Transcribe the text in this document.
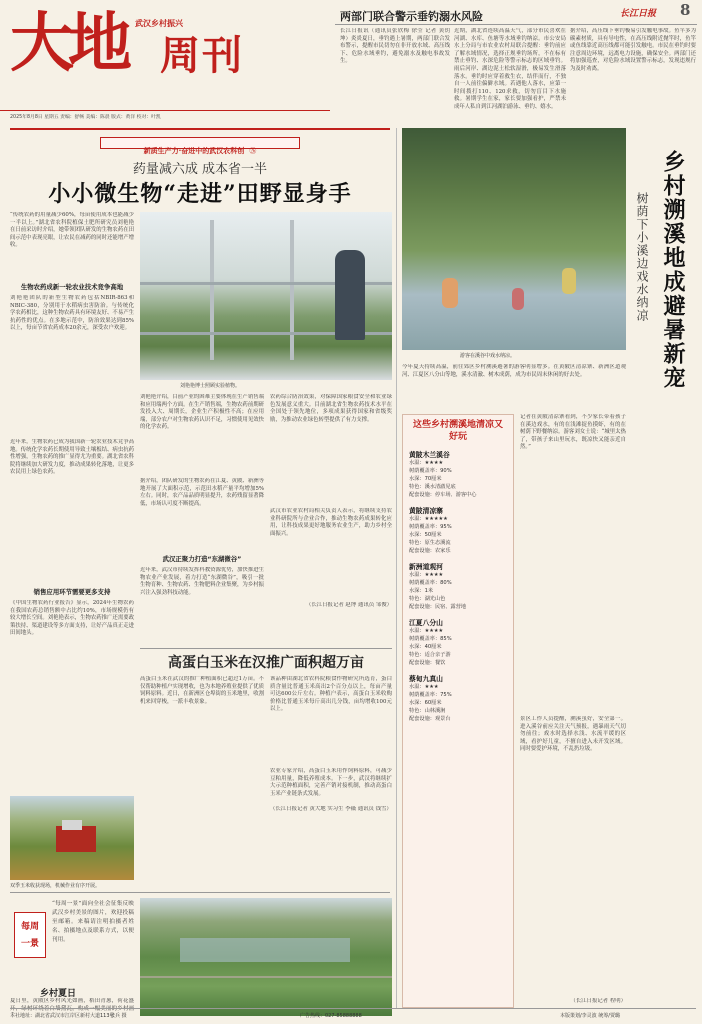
大地 周刊
武汉乡村振兴
2025年8月8日 星期五 责编：舒畅 美编：陈晨 版式：黄洋 校对：叶凯
长江日报 8
两部门联合警示垂钓溺水风险
长江日报讯（通讯员张欣梅 徐莹 记者 黄钥坤）炎炎夏日，垂钓遇上暑期，两部门联合发布警示，提醒市民切勿在非开放水域、高压线下、危险水域垂钓，避免溺水及触电事故发生。
近期，湖北省连续高温天气，部分市民喜欢在河湖、水库、鱼塘等水域垂钓纳凉。市公安局水上分局与市农业农村局联合提醒：垂钓前应了解水域情况，选择正规垂钓场所，不在标有禁止垂钓、水深危险等警示标志的区域垂钓。雨后河岸、湖边泥土松软湿滑，极易发生滑落落水。垂钓时应穿着救生衣，结伴而行，不独自一人前往偏僻水域。若遇他人落水，应第一时间拨打110、120求救，切勿盲目下水施救。暑期学生在家，家长要加强看护，严禁未成年人私自到江河湖泊游泳、垂钓、嬉水。
据介绍，高压线下垂钓极易引发触电事故。鱼竿多为碳素材质，具有导电性，在高压线附近抛竿时，鱼竿或鱼线靠近高压线都可能引发触电。市民在垂钓时要注意周边环境，远离电力设施，确保安全。两部门还将加强巡查，对危险水域设置警示标志，发现违规行为及时劝离。
新质生产力·奋进中的武汉农科创 ㉖
药量减六成 成本省一半
小小微生物“走进”田野显身手
“传统农药的用量减少60%，每亩使用成本也能减少一半以上。”湖北省农科院植保土肥所研究员刘艳艳在日前采访时介绍，她带领团队研发的生物农药在田间示范中表现亮眼，让农民在减药的同时还能增产增收。
生物农药成新一轮农业技术竞争高地
刘艳艳团队的新型生物农药包括NBIR-863和NBIC-380，分别用于水稻病虫害防治。与传统化学农药相比，这种生物农药具有环境友好、不易产生抗药性的优点。在多地示范中，防治效果达到85%以上，每亩节省农药成本20余元，深受农户欢迎。
近年来，生物农药已成为我国新一轮农业技术竞争高地。传统化学农药长期使用导致土壤板结、病虫抗药性增强，生物农药的推广显得尤为重要。湖北省农科院将继续加大研发力度，推动成果转化落地，让更多农民用上绿色农药。
销售应用环节需要更多支持
《中国生物农药行业报告》显示，2024年生物农药在我国农药总销售额中占比约10%，市场规模仍有较大增长空间。刘艳艳表示，生物农药推广还需要政策扶持、渠道建设等多方面支持，让好产品真正走进田间地头。
刘艳艳博士照顾实验植物。
刘艳艳介绍，目前产业的困难主要体现在生产销售端和应用端两个方面。在生产销售端，生物农药前期研发投入大、周期长，企业生产积极性不高；在应用端，部分农户对生物农药认识不足，习惯使用见效快的化学农药。
据介绍，团队研发的生物农药在江夏、黄陂、新洲等地开展了大面积示范，示范田水稻产量平均增加5%左右。同时，农产品品质明显提升，农药残留显著降低，市场认可度不断提高。
武汉正聚力打造“东湖微谷”
近年来，武汉市持续发挥科教资源优势，加快推进生物农业产业发展，着力打造“东湖微谷”，吸引一批生物育种、生物农药、生物肥料企业集聚，为乡村振兴注入强劲科技动能。
农药综合防治效果，对保障国家粮食安全和农业绿色发展意义重大。目前湖北省生物农药技术水平在全国处于领先地位，多项成果获得国家和省级奖励，为推动农业绿色转型提供了有力支撑。
武汉市农业农村局相关负责人表示，将继续支持农业科研院所与企业合作，推动生物农药成果转化应用，让科技成果更好地服务农业生产，助力乡村全面振兴。
（长江日报记者 赵博 通讯员 邹俊）
高蛋白玉米在汉推广面积超万亩
高蛋白玉米在武汉的推广种植面积已超过1万亩。不仅帮助种植户实现增收，也为本地养殖业提供了优质饲料原料。近日，在新洲区仓埠街的玉米地里，收割机来回穿梭，一派丰收景象。
该品种由湖北省农科院粮食作物研究所选育，蛋白质含量比普通玉米高出2个百分点以上，每亩产量可达600公斤左右。种植户表示，高蛋白玉米收购价格比普通玉米每斤高出几分钱，亩均增收100元以上。
农业专家介绍，高蛋白玉米用作饲料原料，可减少豆粕用量，降低养殖成本。下一步，武汉将继续扩大示范种植面积，完善产销对接机制，推动高蛋白玉米产业链条式发展。
（长江日报记者 黄大地 实习生 李薇 通讯员 钱雪）
双季玉米收获现场，机械作业有序开展。
每周
一景
“每周一景”面向全社会征集反映武汉乡村美景的图片，欢迎投稿至邮箱。来稿请注明拍摄者姓名、拍摄地点及联系方式，以便刊用。
乡村夏日
夏日里，黄陂区乡村风光如画，稻田青葱，荷花盛开，绿树环绕着白墙黛瓦，构成一幅美丽的乡村画
张兵 摄
游客在溪谷中戏水纳凉。	乡村溯溪地成避暑新宠
树荫下小溪边戏水纳凉
今年夏天持续高温，前往郊区乡村溯溪避暑的游客明显增多。在黄陂区清凉寨、新洲区道观河、江夏区八分山等地，溪水清澈、树木成荫，成为市民周末休闲的好去处。
记者在黄陂清凉寨看到，不少家长带着孩子在溪边戏水，有的在浅滩捉鱼摸虾，有的在树荫下野餐纳凉。游客刘女士说：“城里太热了，带孩子来山里玩水，既凉快又能亲近自然。”
景区工作人员提醒，溯溪虽好，安全第一。进入溪谷前应关注天气预报，遇暴雨天气切勿前往；戏水时选择水浅、水流平缓的区域，看护好儿童，不擅自进入未开发区域。同时要爱护环境，不乱扔垃圾。
（长江日报记者 程明）
这些乡村溯溪地清凉又好玩
黄陂木兰溪谷
水温：★★★★
树荫覆盖率：90%
水深：70厘米
特色：溪水清澈见底
配套设施：停车场、游客中心
黄陂清凉寨
水温：★★★★★
树荫覆盖率：95%
水深：50厘米
特色：原生态溪流
配套设施：农家乐
新洲道观河
水温：★★★★
树荫覆盖率：80%
水深：1米
特色：湖光山色
配套设施：民宿、露营地
江夏八分山
水温：★★★★
树荫覆盖率：85%
水深：40厘米
特色：适合亲子游
配套设施：餐饮
蔡甸九真山
水温：★★★
树荫覆盖率：75%
水深：60厘米
特色：山林溪涧
配套设施：观景台
本社地址：湖北省武汉市江岸区新村大道113号	广告热线：027-85888888	本版策划/李灵波 统筹/贾璐
